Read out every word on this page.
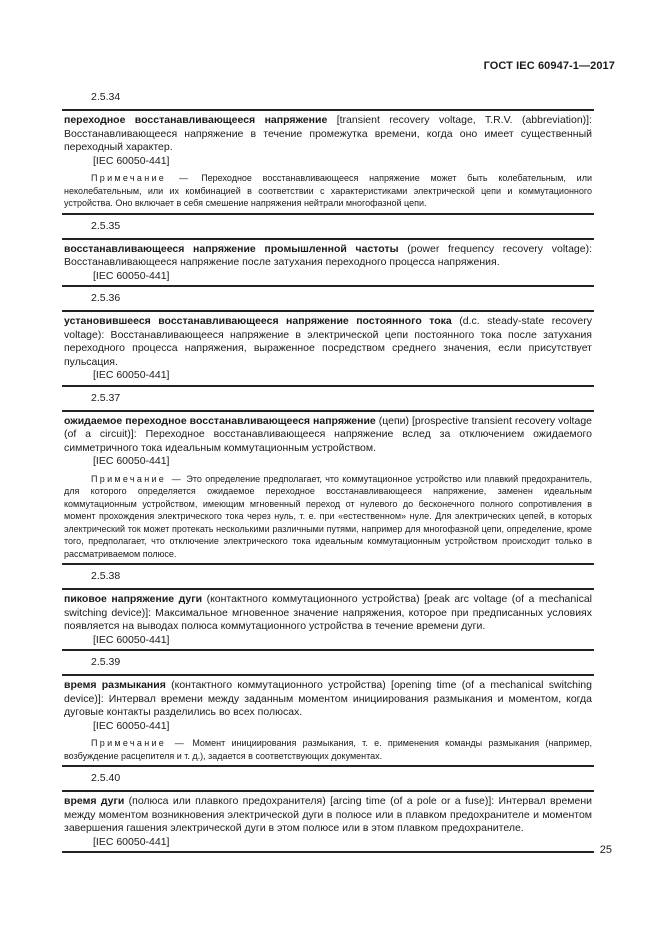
ГОСТ IEC 60947-1—2017
2.5.34

переходное восстанавливающееся напряжение [transient recovery voltage, T.R.V. (abbreviation)]: Восстанавливающееся напряжение в течение промежутка времени, когда оно имеет существенный переходный характер.

[IEC 60050-441]

Примечание — Переходное восстанавливающееся напряжение может быть колебательным, или неколебательным, или их комбинацией в соответствии с характеристиками электрической цепи и коммутационного устройства. Оно включает в себя смешение напряжения нейтрали многофазной цепи.

2.5.35

восстанавливающееся напряжение промышленной частоты (power frequency recovery voltage): Восстанавливающееся напряжение после затухания переходного процесса напряжения.

[IEC 60050-441]

2.5.36

установившееся восстанавливающееся напряжение постоянного тока (d.c. steady-state recovery voltage): Восстанавливающееся напряжение в электрической цепи постоянного тока после затухания переходного процесса напряжения, выраженное посредством среднего значения, если присутствует пульсация.

[IEC 60050-441]

2.5.37

ожидаемое переходное восстанавливающееся напряжение (цепи) [prospective transient recovery voltage (of a circuit)]: Переходное восстанавливающееся напряжение вслед за отключением ожидаемого симметричного тока идеальным коммутационным устройством.

[IEC 60050-441]

Примечание — Это определение предполагает, что коммутационное устройство или плавкий предохранитель, для которого определяется ожидаемое переходное восстанавливающееся напряжение, заменен идеальным коммутационным устройством, имеющим мгновенный переход от нулевого до бесконечного полного сопротивления в момент прохождения электрического тока через нуль, т. е. при «естественном» нуле. Для электрических цепей, в которых электрический ток может протекать несколькими различными путями, например для многофазной цепи, определение, кроме того, предполагает, что отключение электрического тока идеальным коммутационным устройством происходит только в рассматриваемом полюсе.

2.5.38

пиковое напряжение дуги (контактного коммутационного устройства) [peak arc voltage (of a mechanical switching device)]: Максимальное мгновенное значение напряжения, которое при предписанных условиях появляется на выводах полюса коммутационного устройства в течение времени дуги.

[IEC 60050-441]

2.5.39

время размыкания (контактного коммутационного устройства) [opening time (of a mechanical switching device)]: Интервал времени между заданным моментом инициирования размыкания и моментом, когда дуговые контакты разделились во всех полюсах.

[IEC 60050-441]

Примечание — Момент инициирования размыкания, т. е. применения команды размыкания (например, возбуждение расцепителя и т. д.), задается в соответствующих документах.

2.5.40

время дуги (полюса или плавкого предохранителя) [arcing time (of a pole or a fuse)]: Интервал времени между моментом возникновения электрической дуги в полюсе или в плавком предохранителе и моментом завершения гашения электрической дуги в этом полюсе или в этом плавком предохранителе.

[IEC 60050-441]

25
